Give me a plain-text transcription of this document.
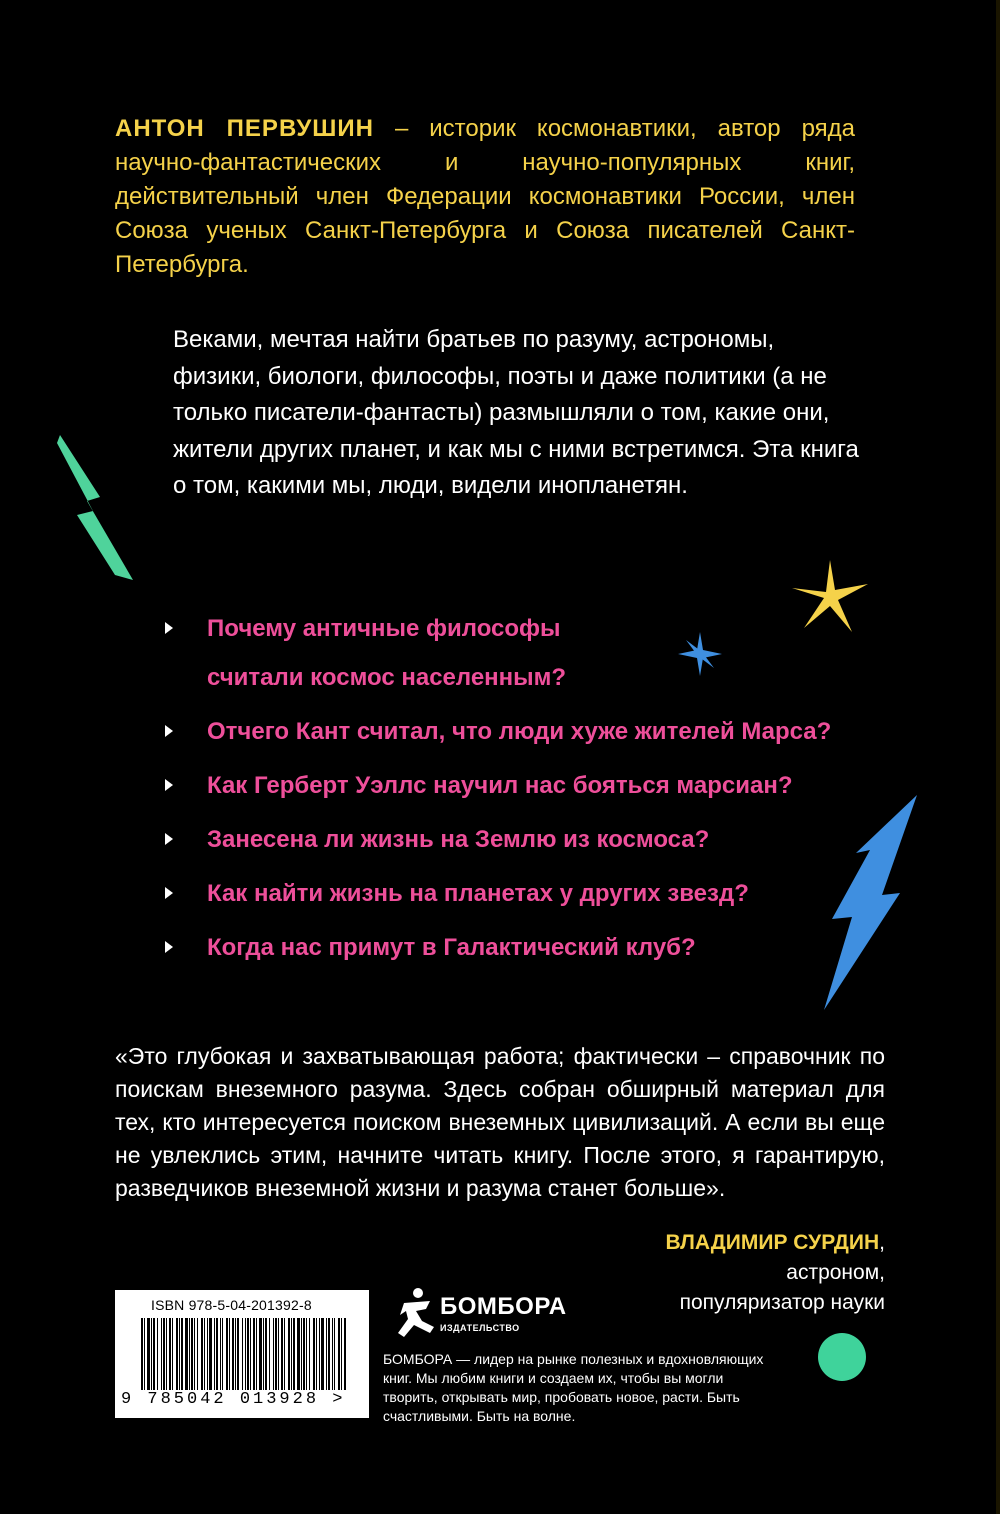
АНТОН ПЕРВУШИН – историк космонавтики, автор ряда научно-фантастических и научно-популярных книг, действительный член Федерации космонавтики России, член Союза ученых Санкт-Петербурга и Союза писателей Санкт-Петербурга.
Веками, мечтая найти братьев по разуму, астрономы, физики, биологи, философы, поэты и даже политики (а не только писатели-фантасты) размышляли о том, какие они, жители других планет, и как мы с ними встретимся. Эта книга о том, какими мы, люди, видели инопланетян.
Почему античные философы
считали космос населенным?
Отчего Кант считал, что люди хуже жителей Марса?
Как Герберт Уэллс научил нас бояться марсиан?
Занесена ли жизнь на Землю из космоса?
Как найти жизнь на планетах у других звезд?
Когда нас примут в Галактический клуб?
«Это глубокая и захватывающая работа; фактически – справочник по поискам внеземного разума. Здесь собран обширный материал для тех, кто интересуется поиском внеземных цивилизаций. А если вы еще не увлеклись этим, начните читать книгу. После этого, я гарантирую, разведчиков внеземной жизни и разума станет больше».
ВЛАДИМИР СУРДИН,
астроном,
популяризатор науки
ISBN 978-5-04-201392-8
9 785042 013928 >
БОМБОРА
ИЗДАТЕЛЬСТВО
БОМБОРА — лидер на рынке полезных и вдохновляющих книг. Мы любим книги и создаем их, чтобы вы могли творить, открывать мир, пробовать новое, расти. Быть счастливыми. Быть на волне.
